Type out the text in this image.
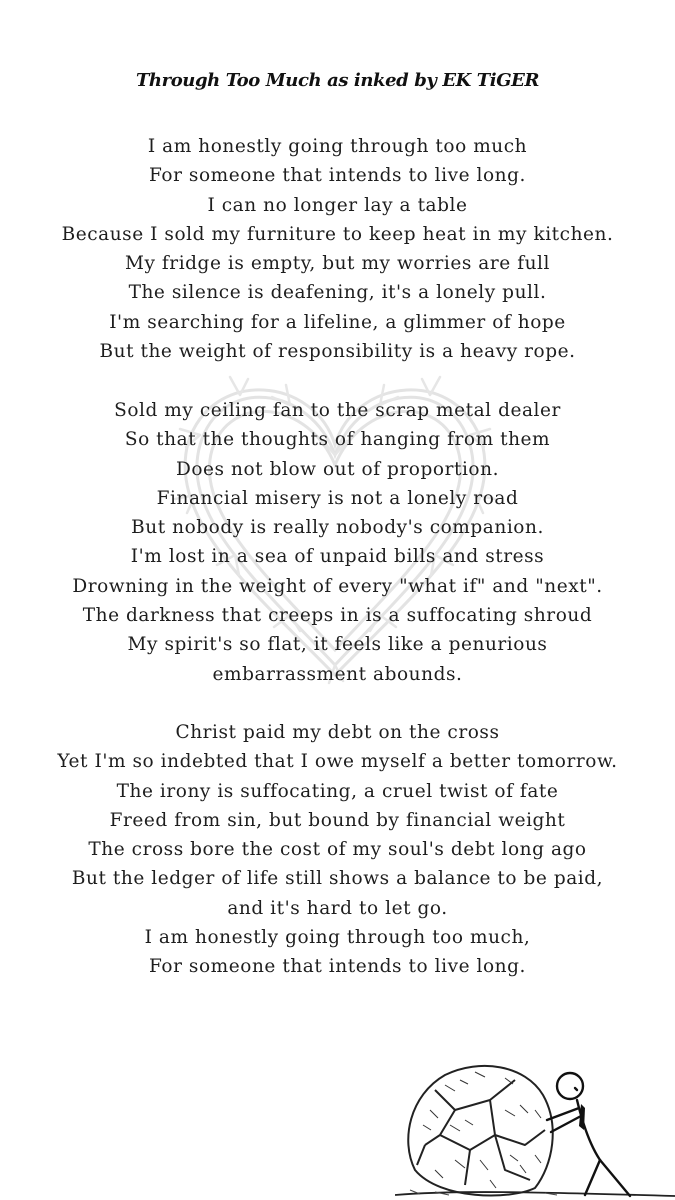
Through Too Much as inked by EK TiGER
I am honestly going through too much
For someone that intends to live long.
I can no longer lay a table
Because I sold my furniture to keep heat in my kitchen.
My fridge is empty, but my worries are full
The silence is deafening, it's a lonely pull.
I'm searching for a lifeline, a glimmer of hope
But the weight of responsibility is a heavy rope.
Sold my ceiling fan to the scrap metal dealer
So that the thoughts of hanging from them
Does not blow out of proportion.
Financial misery is not a lonely road
But nobody is really nobody's companion.
I'm lost in a sea of unpaid bills and stress
Drowning in the weight of every "what if" and "next".
The darkness that creeps in is a suffocating shroud
My spirit's so flat, it feels like a penurious
embarrassment abounds.
Christ paid my debt on the cross
Yet I'm so indebted that I owe myself a better tomorrow.
The irony is suffocating, a cruel twist of fate
Freed from sin, but bound by financial weight
The cross bore the cost of my soul's debt long ago
But the ledger of life still shows a balance to be paid,
and it's hard to let go.
I am honestly going through too much,
For someone that intends to live long.
